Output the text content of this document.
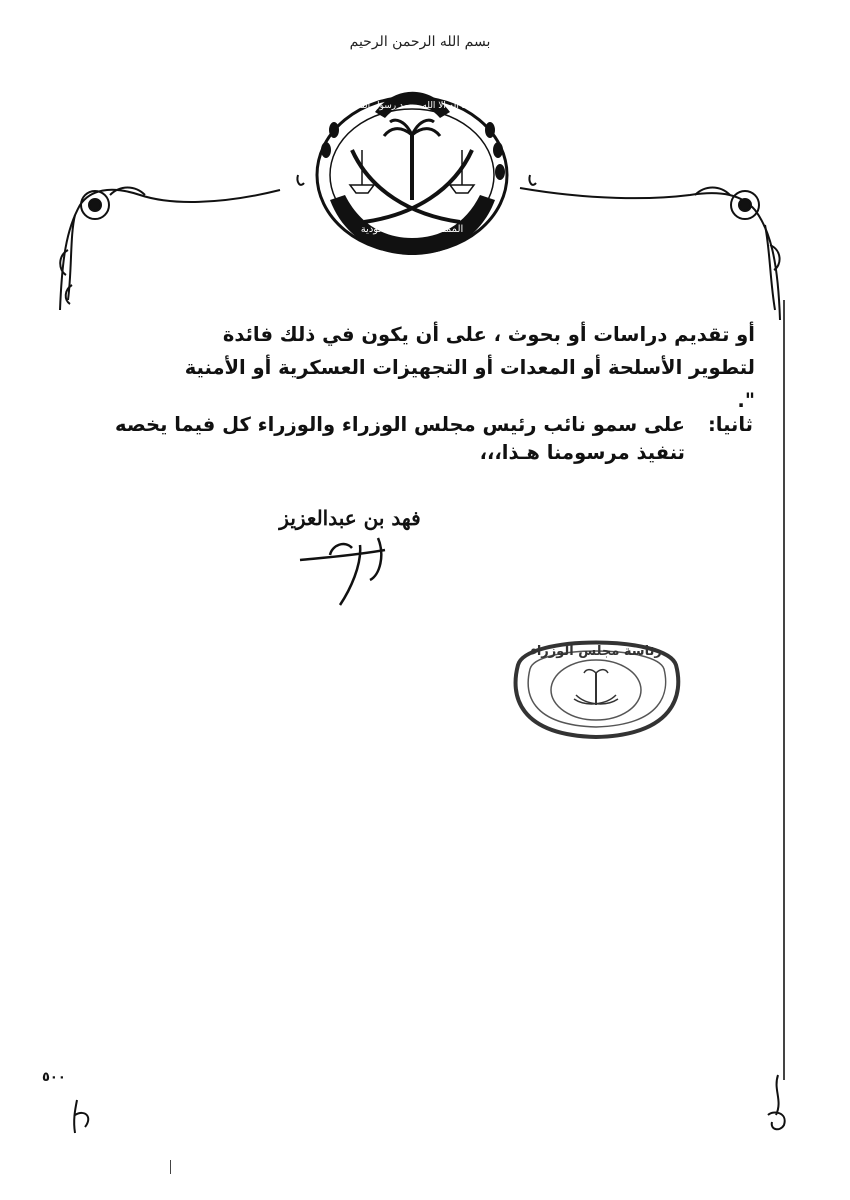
بسم الله الرحمن الرحيم
لا اله الا الله محمد رسول الله
المملكة العربية السعودية
أو تقديم دراسات أو بحوث ، على أن يكون في ذلك فائدة
لتطوير الأسلحة أو المعدات أو التجهيزات العسكرية أو الأمنية
".
ثانيا:
على سمو نائب رئيس مجلس الوزراء والوزراء كل فيما يخصه
تنفيذ مرسومنا هـذا،،،
فهد بن عبدالعزيز
رئاسة مجلس الوزراء
٥٠٠
